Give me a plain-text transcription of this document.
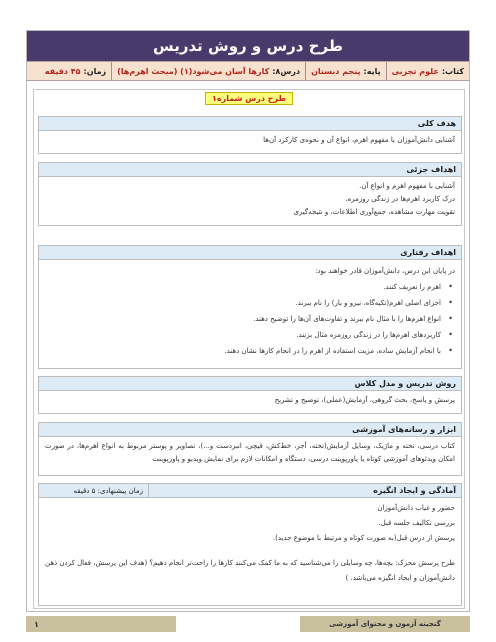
طرح درس و روش تدریس
کتاب:
علوم تجربی
پایه:
پنجم دبستان
درس۸:
کارها آسان می‌شود(۱) (مبحث اهرم‌ها)
زمان:
۴۵ دقیقه
طرح درس شماره۱
هدف کلی

آشنایی دانش‌آموزان با مفهوم اهرم، انواع آن و نحوه‌ی کارکرد آن‌ها

اهداف جزئی

آشنایی با مفهوم اهرم و انواع آن.

درک کاربرد اهرم‌ها در زندگی روزمره.

تقویت مهارت مشاهده، جمع‌آوری اطلاعات، و نتیجه‌گیری

اهداف رفتاری

در پایان این درس، دانش‌آموزان قادر خواهند بود:

• اهرم را تعریف کنند.
• اجزای اصلی اهرم(تکیه‌گاه، نیرو و بار) را نام ببرند.
• انواع اهرم‌ها را با مثال نام ببرند و تفاوت‌های آن‌ها را توضیح دهند.
• کاربردهای اهرم‌ها را در زندگی روزمره مثال بزنند.
• با انجام آزمایش ساده، مزیت استفاده از اهرم را در انجام کارها نشان دهند.
روش تدریس و مدل کلاس

پرسش و پاسخ، بحث گروهی، آزمایش(عملی)، توضیح و تشریح

ابزار و رسانه‌های آموزشی

کتاب درسی، تخته و ماژیک، وسایل آزمایش(تخته، آجر، خط‌کش، قیچی، انبردست و...)، تصاویر و پوستر مربوط به انواع اهرم‌ها، در صورت امکان ویدئوهای آموزشی کوتاه یا پاورپوینت درسی، دستگاه و امکانات لازم برای نمایش ویدیو و پاورپوینت

آمادگی و ایجاد انگیزه
زمان پیشنهادی: ۵ دقیقه

حضور و غیاب دانش‌آموزان

بررسی تکالیف جلسه قبل.

پرسش از درس قبل(به صورت کوتاه و مرتبط با موضوع جدید).

طرح پرسش محرک: بچه‌ها، چه وسایلی را می‌شناسید که به ما کمک می‌کنند کارها را راحت‌تر انجام دهیم؟ (هدف این پرسش، فعال کردن ذهن دانش‌آموزان و ایجاد انگیزه می‌باشد. )

گنجینه آزمون و محتوای آموزشی
۱
